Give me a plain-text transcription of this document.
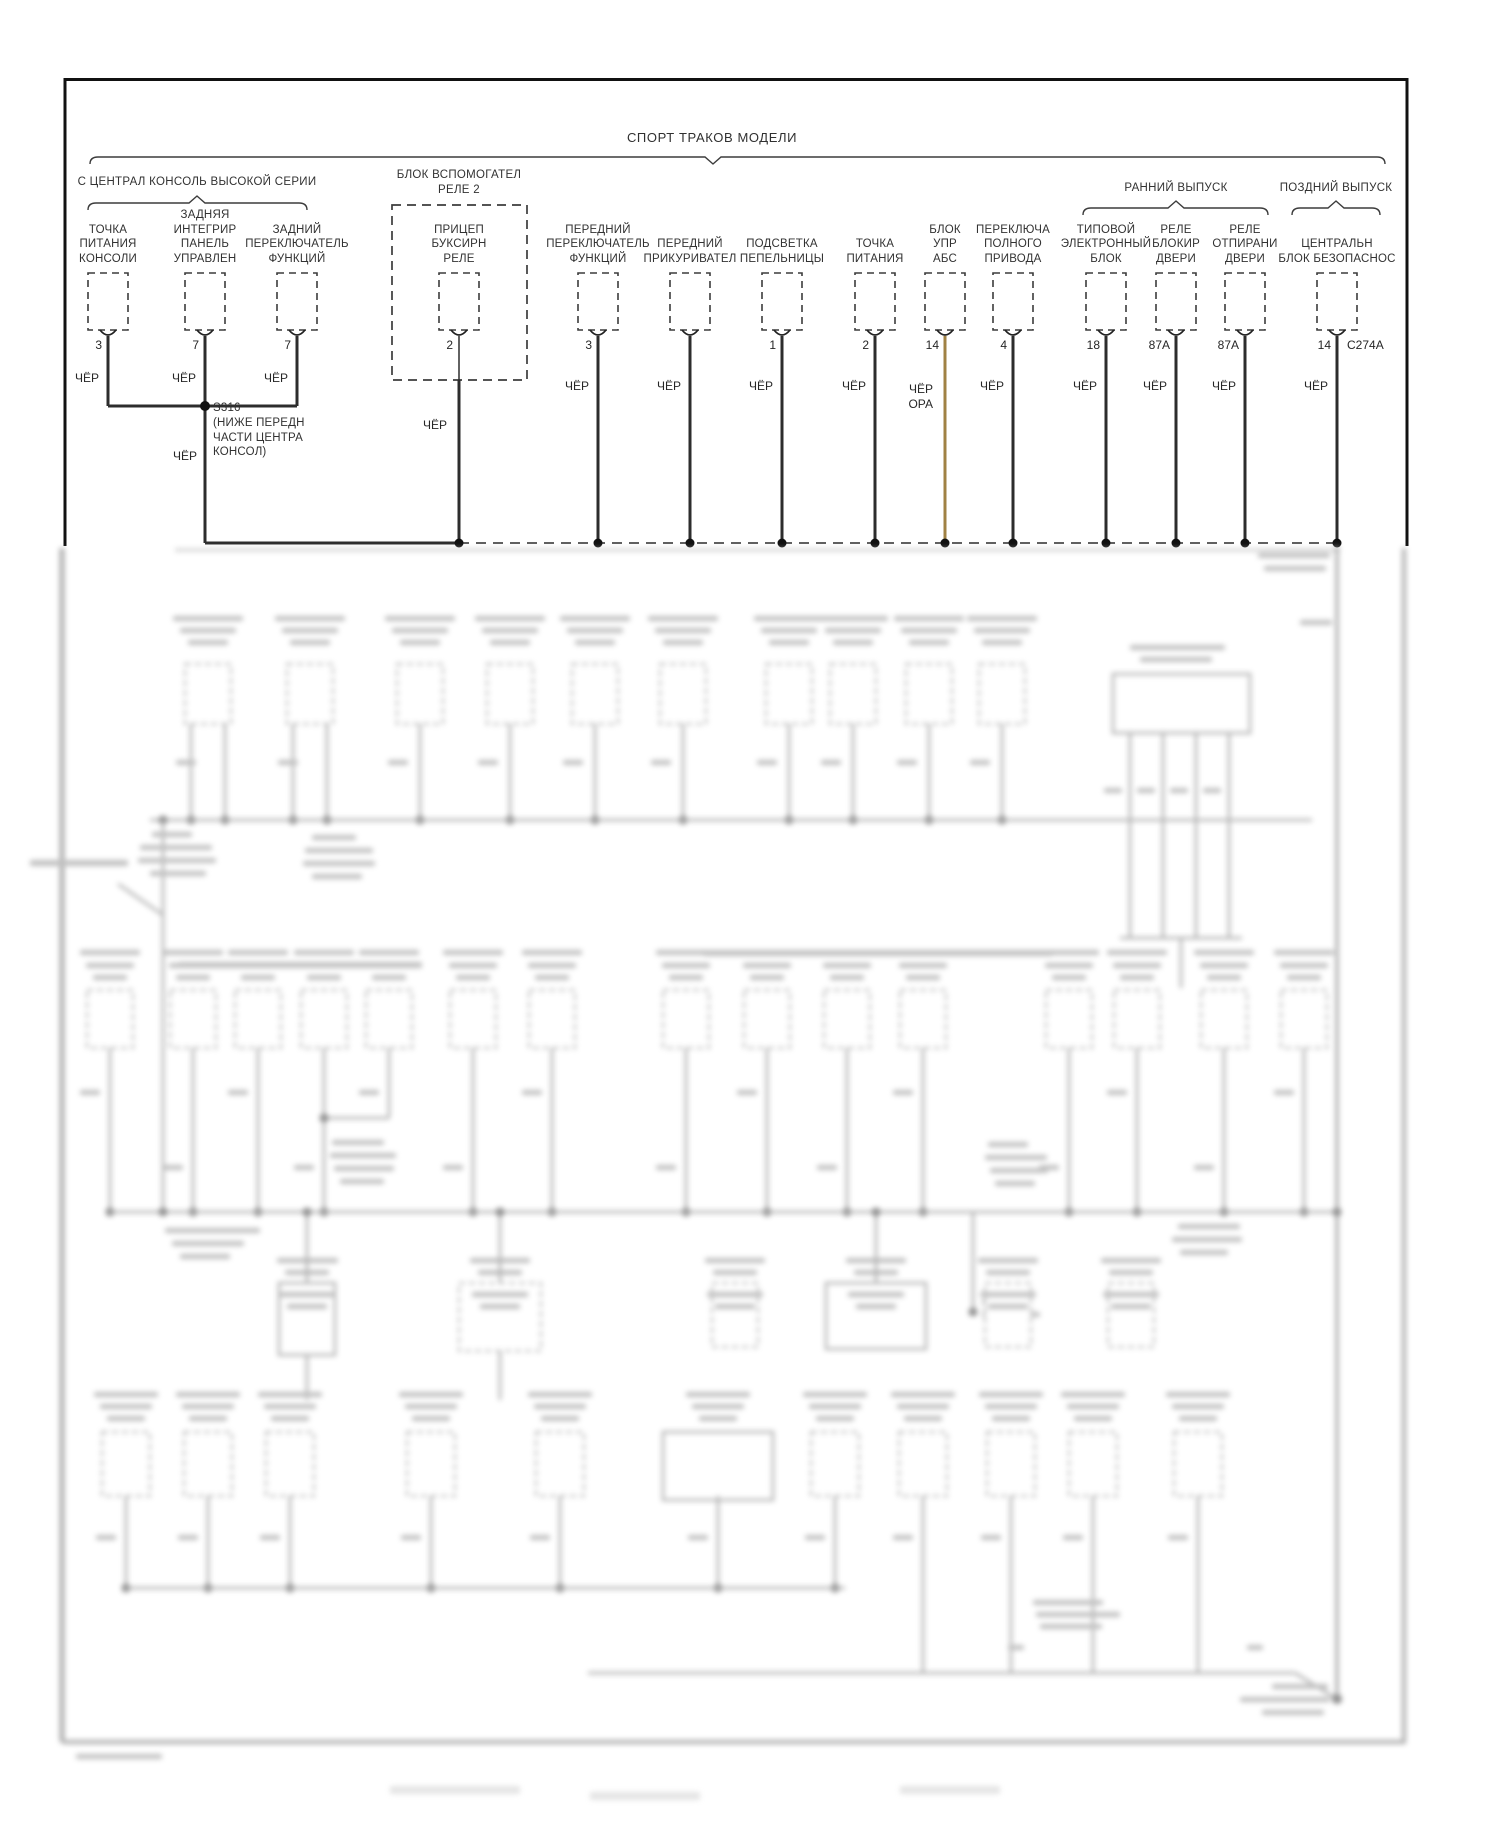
3
ЧЁР
7
ЧЁР
7
ЧЁР
2
ЧЁР
3
ЧЁР	ЧЁР
1
ЧЁР
2
ЧЁР
14
ЧЁР
ОРА
4
ЧЁР
18
ЧЁР
87A
ЧЁР
87A
ЧЁР
14 C274A
ЧЁР
ЧЁР
СПОРТ ТРАКОВ МОДЕЛИ
С ЦЕНТРАЛ КОНСОЛЬ ВЫСОКОЙ СЕРИИ
БЛОК ВСПОМОГАТЕЛ
РЕЛЕ 2	РАННИЙ ВЫПУСК	ПОЗДНИЙ ВЫПУСК
S316
(НИЖЕ ПЕРЕДН
ЧАСТИ ЦЕНТРА
КОНСОЛ)
ТОЧКА
ПИТАНИЯ
КОНСОЛИ
ЗАДНЯЯ
ИНТЕГРИР
ПАНЕЛЬ
УПРАВЛЕН
ЗАДНИЙ
ПЕРЕКЛЮЧАТЕЛЬ
ФУНКЦИЙ
ПРИЦЕП
БУКСИРН
РЕЛЕ
ПЕРЕДНИЙ
ПЕРЕКЛЮЧАТЕЛЬ
ФУНКЦИЙ
ПЕРЕДНИЙ
ПРИКУРИВАТЕЛ
ПОДСВЕТКА
ПЕПЕЛЬНИЦЫ
ТОЧКА
ПИТАНИЯ
БЛОК
УПР
АБС
ПЕРЕКЛЮЧА
ПОЛНОГО
ПРИВОДА
ТИПОВОЙ
ЭЛЕКТРОННЫЙ
БЛОК
РЕЛЕ
БЛОКИР
ДВЕРИ
РЕЛЕ
ОТПИРАНИ
ДВЕРИ
ЦЕНТРАЛЬН
БЛОК БЕЗОПАСНОС
